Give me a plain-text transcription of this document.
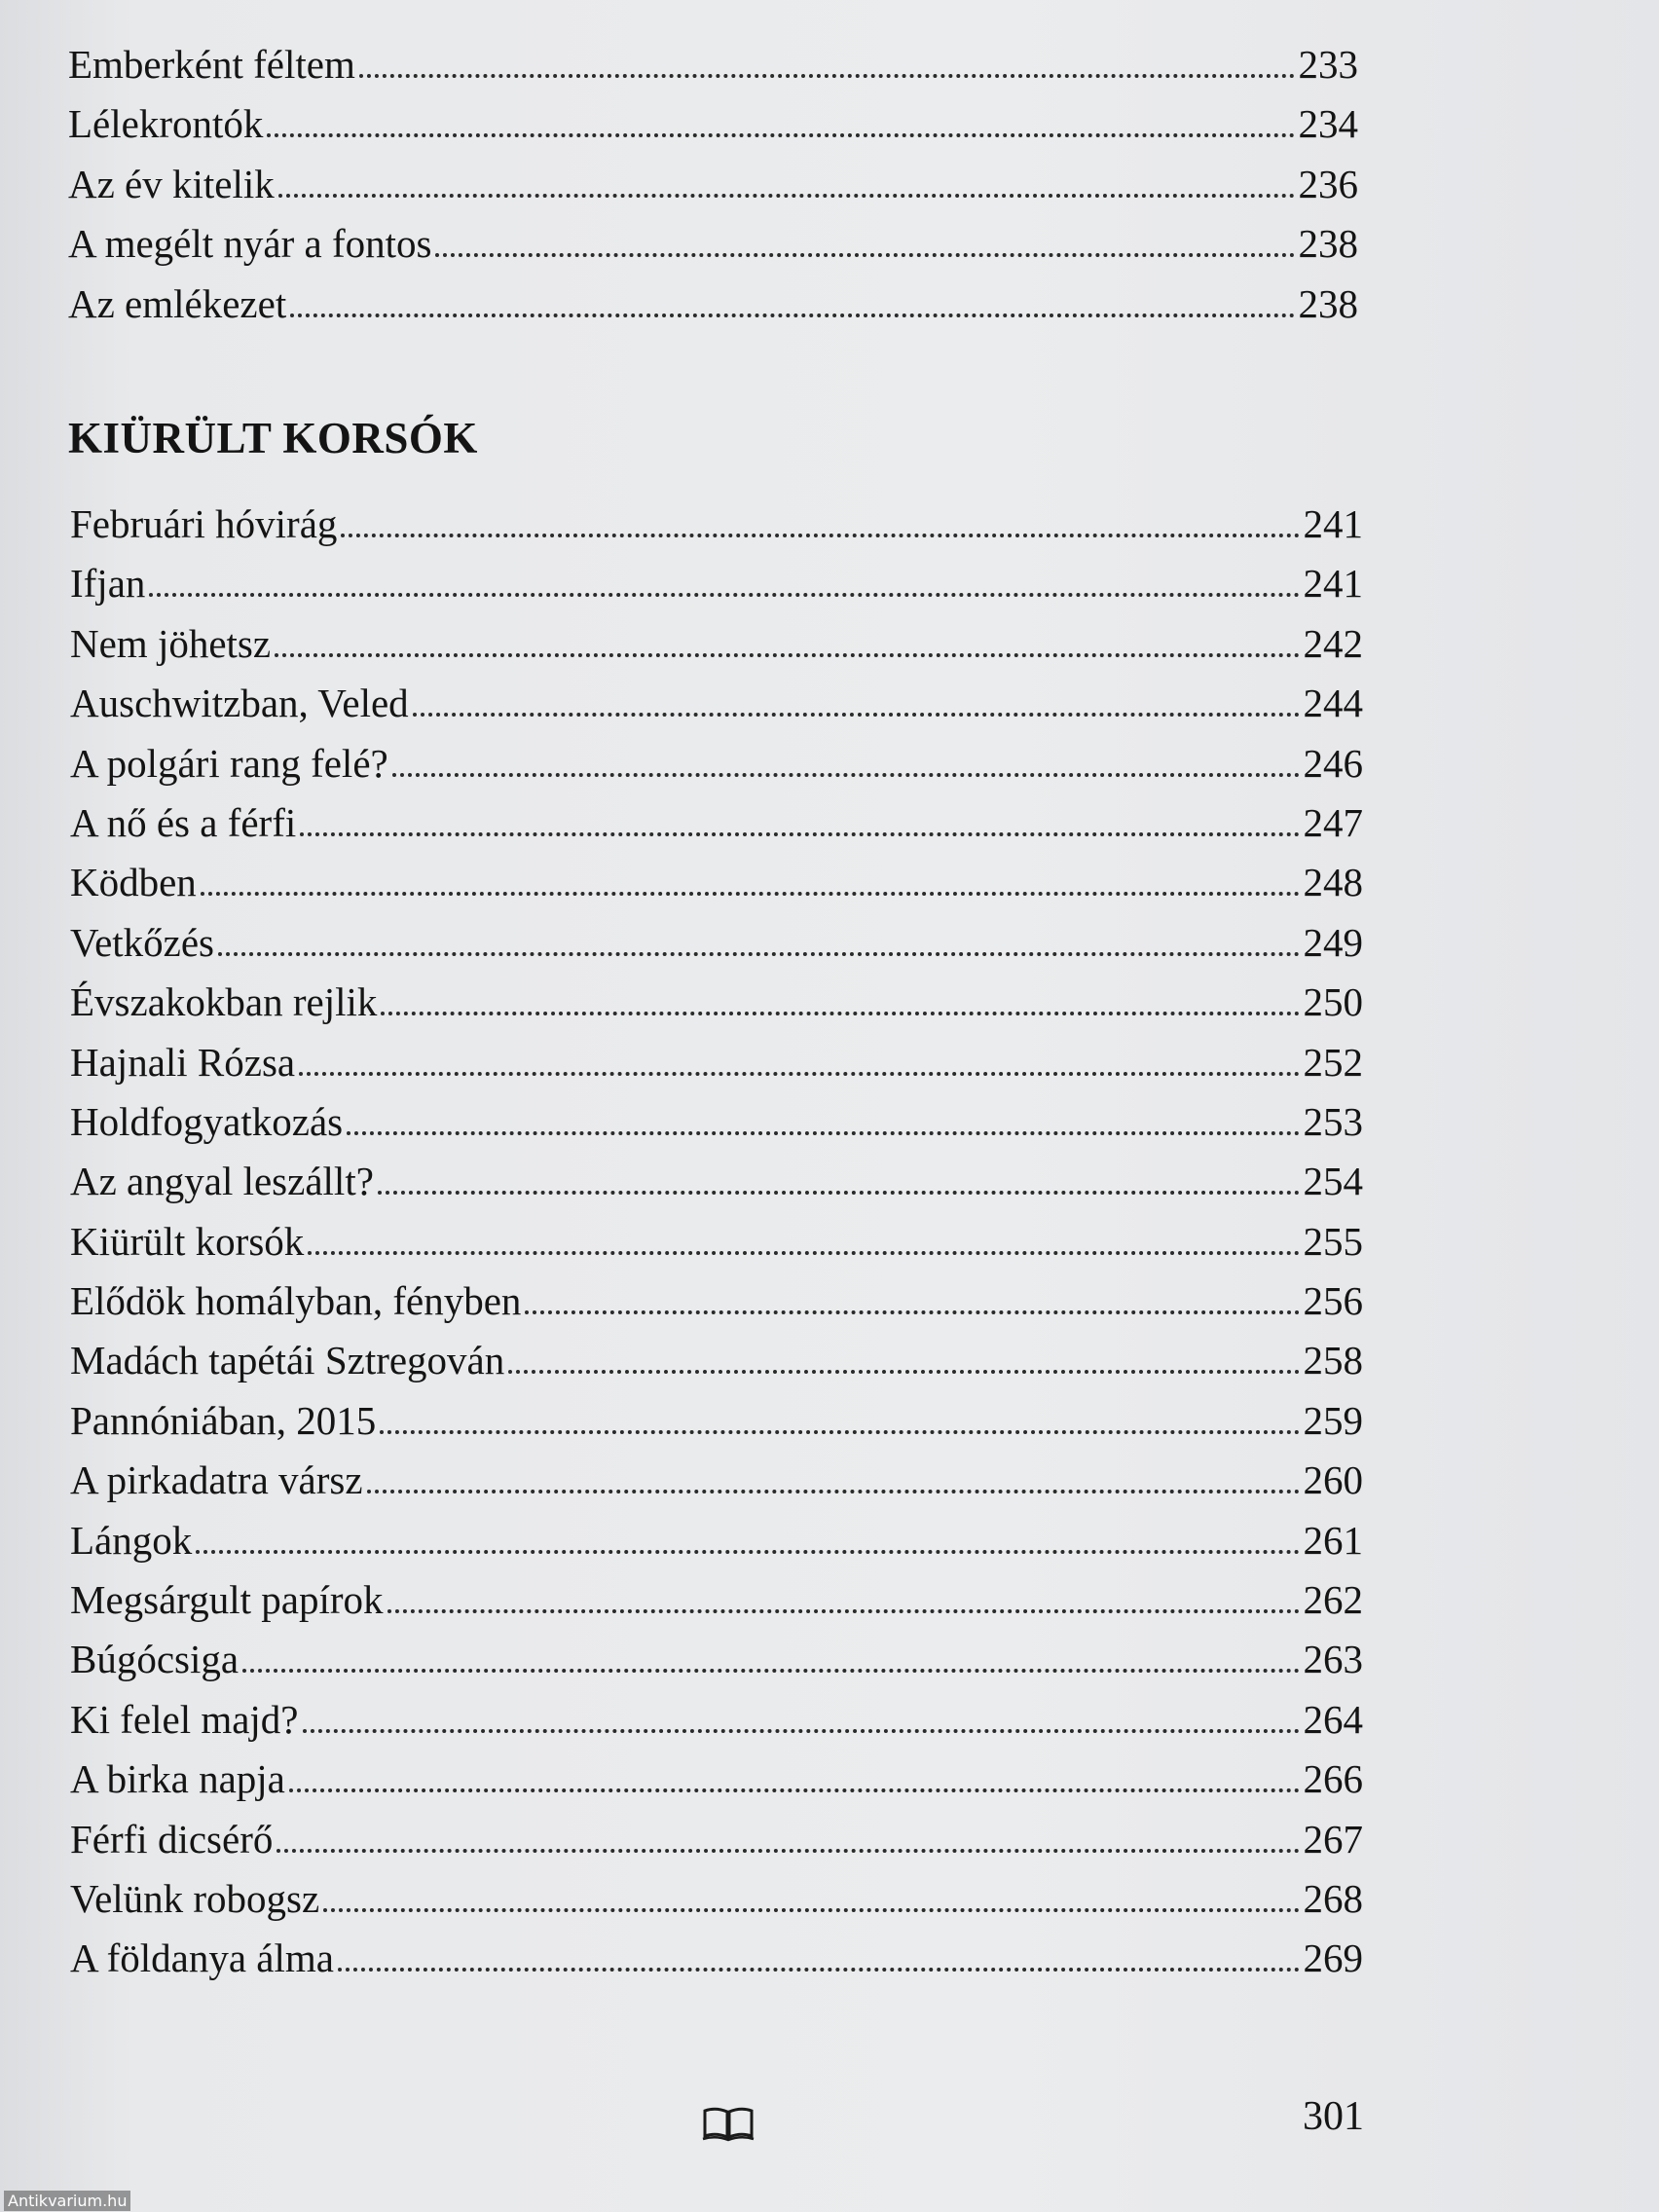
Emberként féltem	233
Lélekrontók	234
Az év kitelik	236
A megélt nyár a fontos	238
Az emlékezet	238
KIÜRÜLT KORSÓK
Februári hóvirág	241
Ifjan	241
Nem jöhetsz	242
Auschwitzban, Veled	244
A polgári rang felé?	246
A nő és a férfi	247
Ködben	248
Vetkőzés	249
Évszakokban rejlik	250
Hajnali Rózsa	252
Holdfogyatkozás	253
Az angyal leszállt?	254
Kiürült korsók	255
Elődök homályban, fényben	256
Madách tapétái Sztregován	258
Pannóniában, 2015	259
A pirkadatra vársz	260
Lángok	261
Megsárgult papírok	262
Búgócsiga	263
Ki felel majd?	264
A birka napja	266
Férfi dicsérő	267
Velünk robogsz	268
A földanya álma	269
301
Antikvarium.hu
